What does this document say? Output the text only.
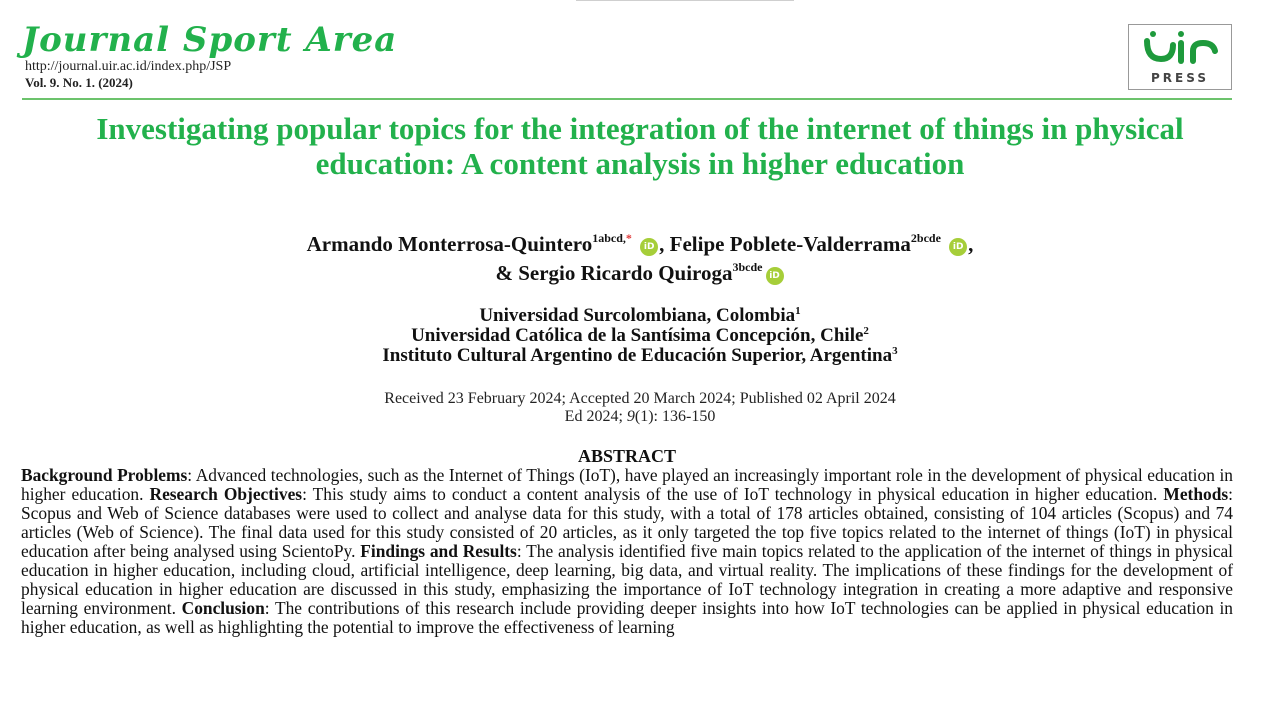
Journal Sport Area
http://journal.uir.ac.id/index.php/JSP
Vol. 9. No. 1. (2024)	PRESS
Investigating popular topics for the integration of the internet of things in physical education: A content analysis in higher education
Armando Monterrosa-Quintero$^{1abcd,*}$ iD , Felipe Poblete-Valderrama$^{2bcde}$ iD ,
& Sergio Ricardo Quiroga$^{3bcde}$iD
Universidad Surcolombiana, Colombia$^1$
Universidad Católica de la Santísima Concepción, Chile$^2$
Instituto Cultural Argentino de Educación Superior, Argentina$^3$
Received 23 February 2024; Accepted 20 March 2024; Published 02 April 2024
Ed 2024; 9(1): 136-150
ABSTRACT
Background Problems: Advanced technologies, such as the Internet of Things (IoT), have played an increasingly important role in the development of physical education in higher education. Research Objectives: This study aims to conduct a content analysis of the use of IoT technology in physical education in higher education. Methods: Scopus and Web of Science databases were used to collect and analyse data for this study, with a total of 178 articles obtained, consisting of 104 articles (Scopus) and 74 articles (Web of Science). The final data used for this study consisted of 20 articles, as it only targeted the top five topics related to the internet of things (IoT) in physical education after being analysed using ScientoPy. Findings and Results: The analysis identified five main topics related to the application of the internet of things in physical education in higher education, including cloud, artificial intelligence, deep learning, big data, and virtual reality. The implications of these findings for the development of physical education in higher education are discussed in this study, emphasizing the importance of IoT technology integration in creating a more adaptive and responsive learning environment. Conclusion: The contributions of this research include providing deeper insights into how IoT technologies can be applied in physical education in higher education, as well as highlighting the potential to improve the effectiveness of learning
